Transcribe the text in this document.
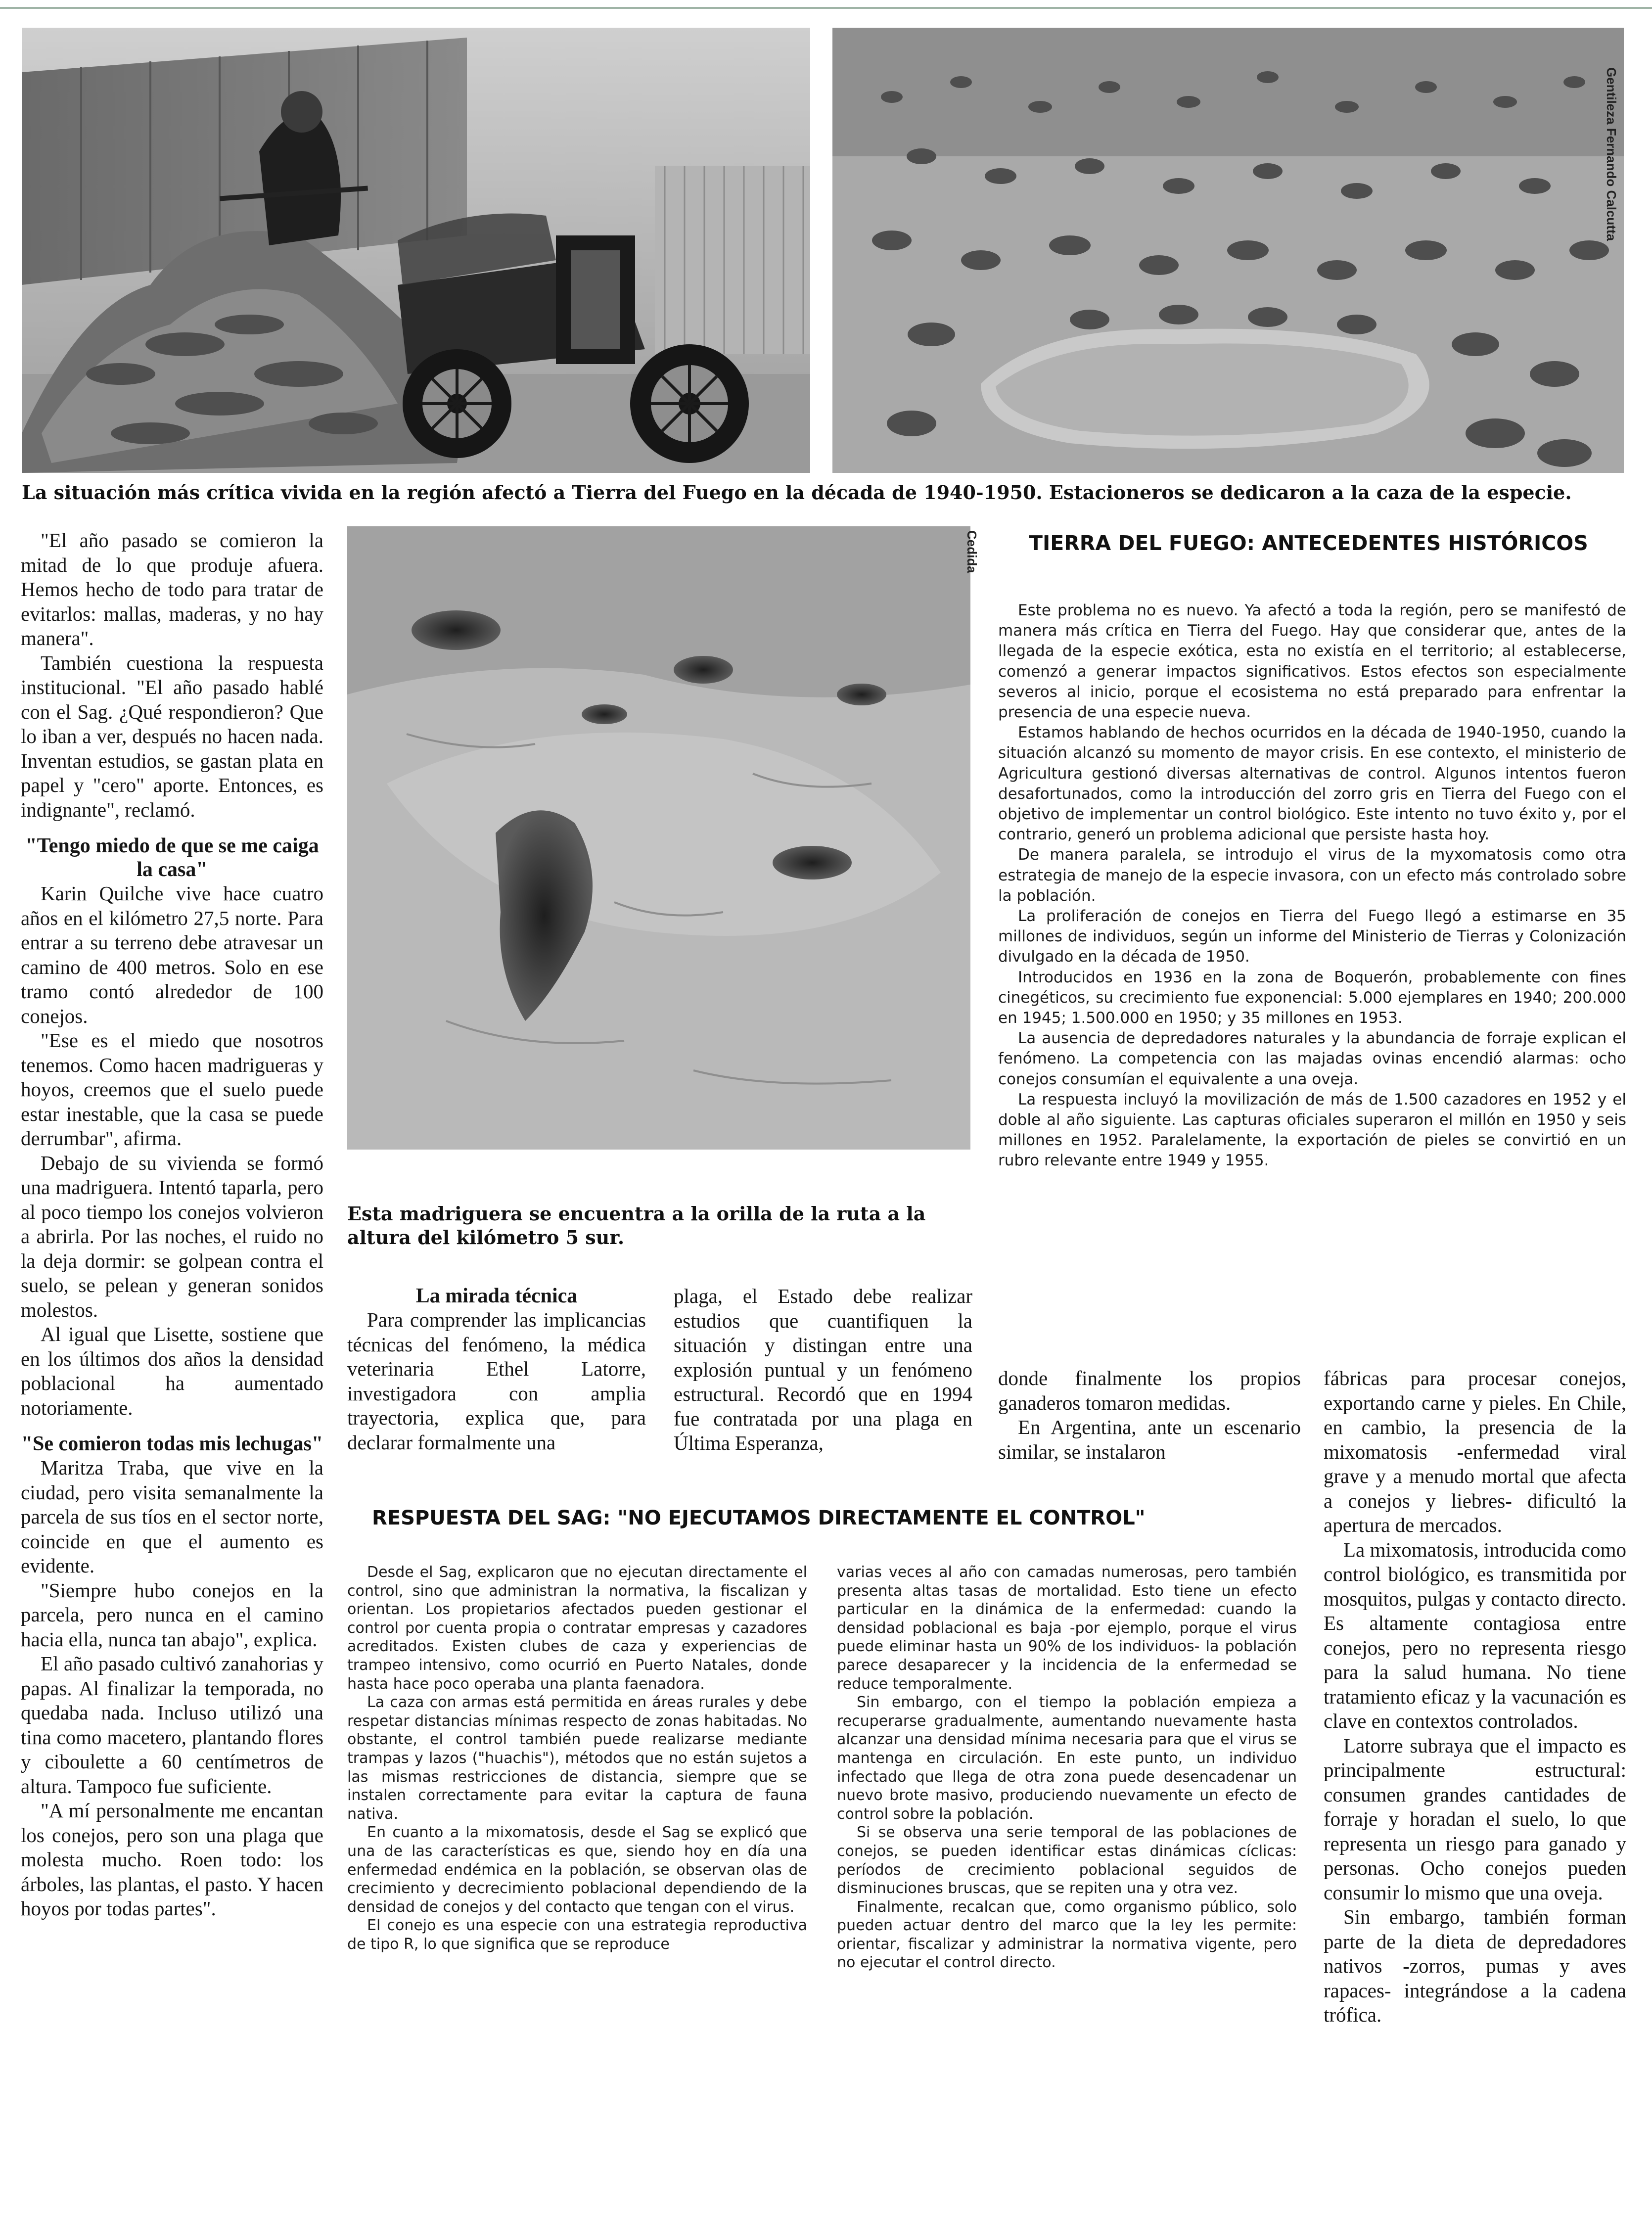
Gentileza Fernando Calcutta
La situación más crítica vivida en la región afectó a Tierra del Fuego en la década de 1940-1950. Estacioneros se dedicaron a la caza de la especie.
Cedida
Esta madriguera se encuentra a la orilla de la ruta a la altura del kilómetro 5 sur.

"El año pasado se comieron la mitad de lo que produje afuera. Hemos hecho de todo para tratar de evitarlos: mallas, maderas, y no hay manera".

También cuestiona la respuesta institucional. "El año pasado hablé con el Sag. ¿Qué respondieron? Que lo iban a ver, después no hacen nada. Inventan estudios, se gastan plata en papel y "cero" aporte. Entonces, es indignante", reclamó.

"Tengo miedo de que se me caiga la casa"

Karin Quilche vive hace cuatro años en el kilómetro 27,5 norte. Para entrar a su terreno debe atravesar un camino de 400 metros. Solo en ese tramo contó alrededor de 100 conejos.

"Ese es el miedo que nosotros tenemos. Como hacen madrigueras y hoyos, creemos que el suelo puede estar inestable, que la casa se puede derrumbar", afirma.

Debajo de su vivienda se formó una madriguera. Intentó taparla, pero al poco tiempo los conejos volvieron a abrirla. Por las noches, el ruido no la deja dormir: se golpean contra el suelo, se pelean y generan sonidos molestos.

Al igual que Lisette, sostiene que en los últimos dos años la densidad poblacional ha aumentado notoriamente.

"Se comieron todas mis lechugas"

Maritza Traba, que vive en la ciudad, pero visita semanalmente la parcela de sus tíos en el sector norte, coincide en que el aumento es evidente.

"Siempre hubo conejos en la parcela, pero nunca en el camino hacia ella, nunca tan abajo", explica.

El año pasado cultivó zanahorias y papas. Al finalizar la temporada, no quedaba nada. Incluso utilizó una tina como macetero, plantando flores y ciboulette a 60 centímetros de altura. Tampoco fue suficiente.

"A mí personalmente me encantan los conejos, pero son una plaga que molesta mucho. Roen todo: los árboles, las plantas, el pasto. Y hacen hoyos por todas partes".

La mirada técnica

Para comprender las implicancias técnicas del fenómeno, la médica veterinaria Ethel Latorre, investigadora con amplia trayectoria, explica que, para declarar formalmente una

plaga, el Estado debe realizar estudios que cuantifiquen la situación y distingan entre una explosión puntual y un fenómeno estructural. Recordó que en 1994 fue contratada por una plaga en Última Esperanza,

TIERRA DEL FUEGO: ANTECEDENTES HISTÓRICOS

Este problema no es nuevo. Ya afectó a toda la región, pero se manifestó de manera más crítica en Tierra del Fuego. Hay que considerar que, antes de la llegada de la especie exótica, esta no existía en el territorio; al establecerse, comenzó a generar impactos significativos. Estos efectos son especialmente severos al inicio, porque el ecosistema no está preparado para enfrentar la presencia de una especie nueva.

Estamos hablando de hechos ocurridos en la década de 1940-1950, cuando la situación alcanzó su momento de mayor crisis. En ese contexto, el ministerio de Agricultura gestionó diversas alternativas de control. Algunos intentos fueron desafortunados, como la introducción del zorro gris en Tierra del Fuego con el objetivo de implementar un control biológico. Este intento no tuvo éxito y, por el contrario, generó un problema adicional que persiste hasta hoy.

De manera paralela, se introdujo el virus de la myxomatosis como otra estrategia de manejo de la especie invasora, con un efecto más controlado sobre la población.

La proliferación de conejos en Tierra del Fuego llegó a estimarse en 35 millones de individuos, según un informe del Ministerio de Tierras y Colonización divulgado en la década de 1950.

Introducidos en 1936 en la zona de Boquerón, probablemente con fines cinegéticos, su crecimiento fue exponencial: 5.000 ejemplares en 1940; 200.000 en 1945; 1.500.000 en 1950; y 35 millones en 1953.

La ausencia de depredadores naturales y la abundancia de forraje explican el fenómeno. La competencia con las majadas ovinas encendió alarmas: ocho conejos consumían el equivalente a una oveja.

La respuesta incluyó la movilización de más de 1.500 cazadores en 1952 y el doble al año siguiente. Las capturas oficiales superaron el millón en 1950 y seis millones en 1952. Paralelamente, la exportación de pieles se convirtió en un rubro relevante entre 1949 y 1955.

donde finalmente los propios ganaderos tomaron medidas.

En Argentina, ante un escenario similar, se instalaron

fábricas para procesar conejos, exportando carne y pieles. En Chile, en cambio, la presencia de la mixomatosis -enfermedad viral grave y a menudo mortal que afecta a conejos y liebres- dificultó la apertura de mercados.

La mixomatosis, introducida como control biológico, es transmitida por mosquitos, pulgas y contacto directo. Es altamente contagiosa entre conejos, pero no representa riesgo para la salud humana. No tiene tratamiento eficaz y la vacunación es clave en contextos controlados.

Latorre subraya que el impacto es principalmente estructural: consumen grandes cantidades de forraje y horadan el suelo, lo que representa un riesgo para ganado y personas. Ocho conejos pueden consumir lo mismo que una oveja.

Sin embargo, también forman parte de la dieta de depredadores nativos -zorros, pumas y aves rapaces- integrándose a la cadena trófica.

RESPUESTA DEL SAG: "NO EJECUTAMOS DIRECTAMENTE EL CONTROL"

Desde el Sag, explicaron que no ejecutan directamente el control, sino que administran la normativa, la fiscalizan y orientan. Los propietarios afectados pueden gestionar el control por cuenta propia o contratar empresas y cazadores acreditados. Existen clubes de caza y experiencias de trampeo intensivo, como ocurrió en Puerto Natales, donde hasta hace poco operaba una planta faenadora.

La caza con armas está permitida en áreas rurales y debe respetar distancias mínimas respecto de zonas habitadas. No obstante, el control también puede realizarse mediante trampas y lazos ("huachis"), métodos que no están sujetos a las mismas restricciones de distancia, siempre que se instalen correctamente para evitar la captura de fauna nativa.

En cuanto a la mixomatosis, desde el Sag se explicó que una de las características es que, siendo hoy en día una enfermedad endémica en la población, se observan olas de crecimiento y decrecimiento poblacional dependiendo de la densidad de conejos y del contacto que tengan con el virus.

El conejo es una especie con una estrategia reproductiva de tipo R, lo que significa que se reproduce

varias veces al año con camadas numerosas, pero también presenta altas tasas de mortalidad. Esto tiene un efecto particular en la dinámica de la enfermedad: cuando la densidad poblacional es baja -por ejemplo, porque el virus puede eliminar hasta un 90% de los individuos- la población parece desaparecer y la incidencia de la enfermedad se reduce temporalmente.

Sin embargo, con el tiempo la población empieza a recuperarse gradualmente, aumentando nuevamente hasta alcanzar una densidad mínima necesaria para que el virus se mantenga en circulación. En este punto, un individuo infectado que llega de otra zona puede desencadenar un nuevo brote masivo, produciendo nuevamente un efecto de control sobre la población.

Si se observa una serie temporal de las poblaciones de conejos, se pueden identificar estas dinámicas cíclicas: períodos de crecimiento poblacional seguidos de disminuciones bruscas, que se repiten una y otra vez.

Finalmente, recalcan que, como organismo público, solo pueden actuar dentro del marco que la ley les permite: orientar, fiscalizar y administrar la normativa vigente, pero no ejecutar el control directo.
